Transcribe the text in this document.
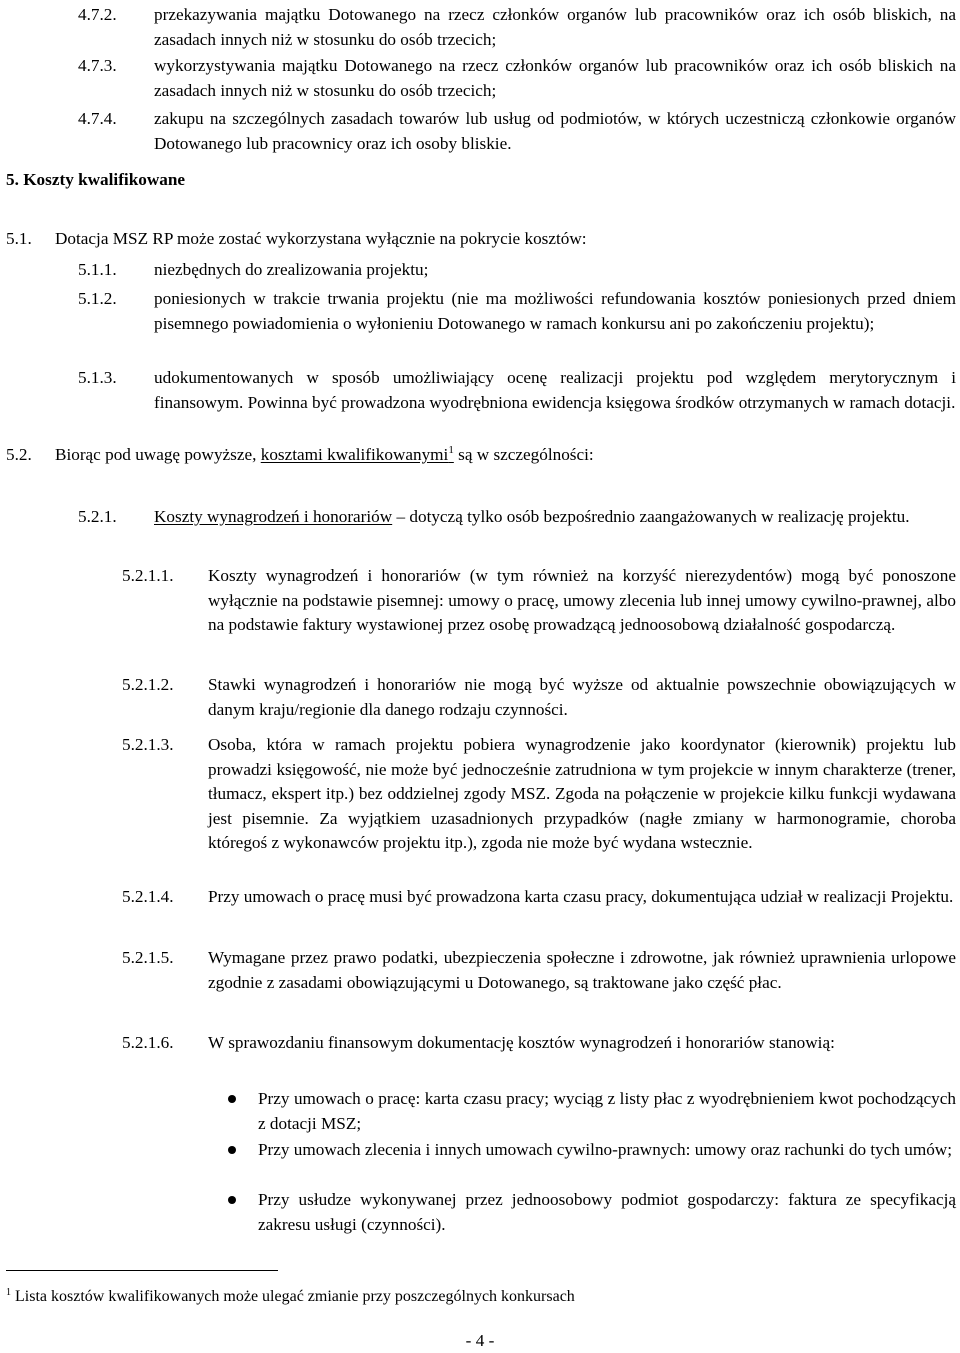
4.7.2.	przekazywania majątku Dotowanego na rzecz członków organów lub pracowników oraz ich osób bliskich, na zasadach innych niż w stosunku do osób trzecich;
4.7.3.	wykorzystywania majątku Dotowanego na rzecz członków organów lub pracowników oraz ich osób bliskich na zasadach innych niż w stosunku do osób trzecich;
4.7.4.	zakupu na szczególnych zasadach towarów lub usług od podmiotów, w których uczestniczą członkowie organów Dotowanego lub pracownicy oraz ich osoby bliskie.
5. Koszty kwalifikowane
5.1.	Dotacja MSZ RP może zostać wykorzystana wyłącznie na pokrycie kosztów:
5.1.1.	niezbędnych do zrealizowania projektu;
5.1.2.	poniesionych w trakcie trwania projektu (nie ma możliwości refundowania kosztów poniesionych przed dniem pisemnego powiadomienia o wyłonieniu Dotowanego w ramach konkursu ani po zakończeniu projektu);
5.1.3.	udokumentowanych w sposób umożliwiający ocenę realizacji projektu pod względem merytorycznym i finansowym. Powinna być prowadzona wyodrębniona ewidencja księgowa środków otrzymanych w ramach dotacji.
5.2.	Biorąc pod uwagę powyższe, kosztami kwalifikowanymi$^1$ są w szczególności:
5.2.1.	Koszty wynagrodzeń i honorariów – dotyczą tylko osób bezpośrednio zaangażowanych w realizację projektu.
5.2.1.1.	Koszty wynagrodzeń i honorariów (w tym również na korzyść nierezydentów) mogą być ponoszone wyłącznie na podstawie pisemnej: umowy o pracę, umowy zlecenia lub innej umowy cywilno-prawnej, albo na podstawie faktury wystawionej przez osobę prowadzącą jednoosobową działalność gospodarczą.
5.2.1.2.	Stawki wynagrodzeń i honorariów nie mogą być wyższe od aktualnie powszechnie obowiązujących w danym kraju/regionie dla danego rodzaju czynności.
5.2.1.3.	Osoba, która w ramach projektu pobiera wynagrodzenie jako koordynator (kierownik) projektu lub prowadzi księgowość, nie może być jednocześnie zatrudniona w tym projekcie w innym charakterze (trener, tłumacz, ekspert itp.) bez oddzielnej zgody MSZ. Zgoda na połączenie w projekcie kilku funkcji wydawana jest pisemnie. Za wyjątkiem uzasadnionych przypadków (nagłe zmiany w harmonogramie, choroba któregoś z wykonawców projektu itp.), zgoda nie może być wydana wstecznie.
5.2.1.4.	Przy umowach o pracę musi być prowadzona karta czasu pracy, dokumentująca udział w realizacji Projektu.
5.2.1.5.	Wymagane przez prawo podatki, ubezpieczenia społeczne i zdrowotne, jak również uprawnienia urlopowe zgodnie z zasadami obowiązującymi u Dotowanego, są traktowane jako część płac.
5.2.1.6.	W sprawozdaniu finansowym dokumentację kosztów wynagrodzeń i honorariów stanowią:
Przy umowach o pracę: karta czasu pracy; wyciąg z listy płac z wyodrębnieniem kwot pochodzących z dotacji MSZ;
Przy umowach zlecenia i innych umowach cywilno-prawnych: umowy oraz rachunki do tych umów;
Przy usłudze wykonywanej przez jednoosobowy podmiot gospodarczy: faktura ze specyfikacją zakresu usługi (czynności).
$^1$ Lista kosztów kwalifikowanych może ulegać zmianie przy poszczególnych konkursach
- 4 -
